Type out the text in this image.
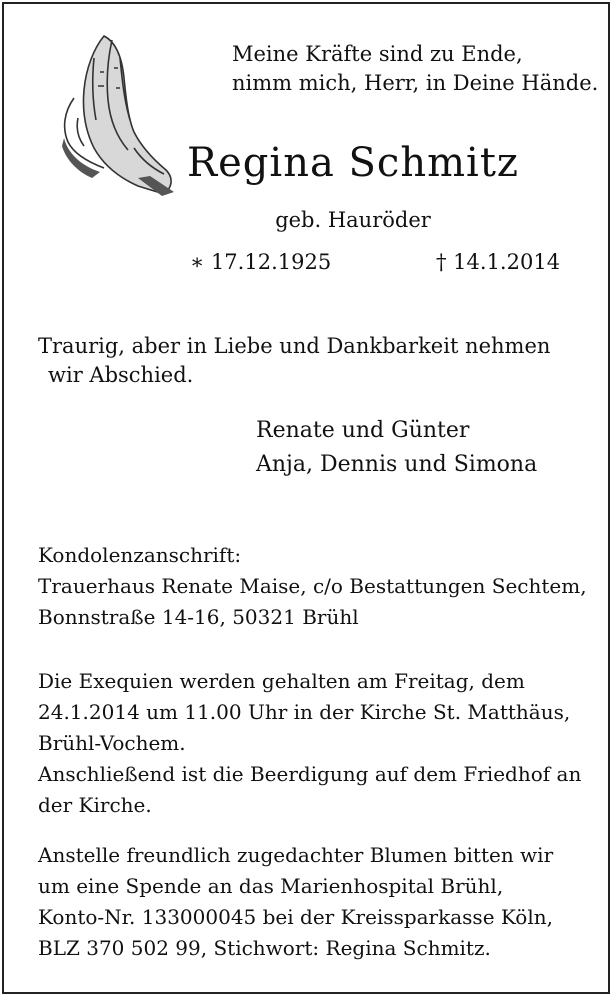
Meine Kräfte sind zu Ende,
nimm mich, Herr, in Deine Hände.
Regina Schmitz
geb. Hauröder
∗ 17.12.1925	† 14.1.2014
Traurig, aber in Liebe und Dankbarkeit nehmen
wir Abschied.
Renate und Günter
Anja, Dennis und Simona
Kondolenzanschrift:
Trauerhaus Renate Maise, c/o Bestattungen Sechtem,
Bonnstraße 14-16, 50321 Brühl
Die Exequien werden gehalten am Freitag, dem
24.1.2014 um 11.00 Uhr in der Kirche St. Matthäus,
Brühl-Vochem.
Anschließend ist die Beerdigung auf dem Friedhof an
der Kirche.
Anstelle freundlich zugedachter Blumen bitten wir
um eine Spende an das Marienhospital Brühl,
Konto-Nr. 133000045 bei der Kreissparkasse Köln,
BLZ 370 502 99, Stichwort: Regina Schmitz.
